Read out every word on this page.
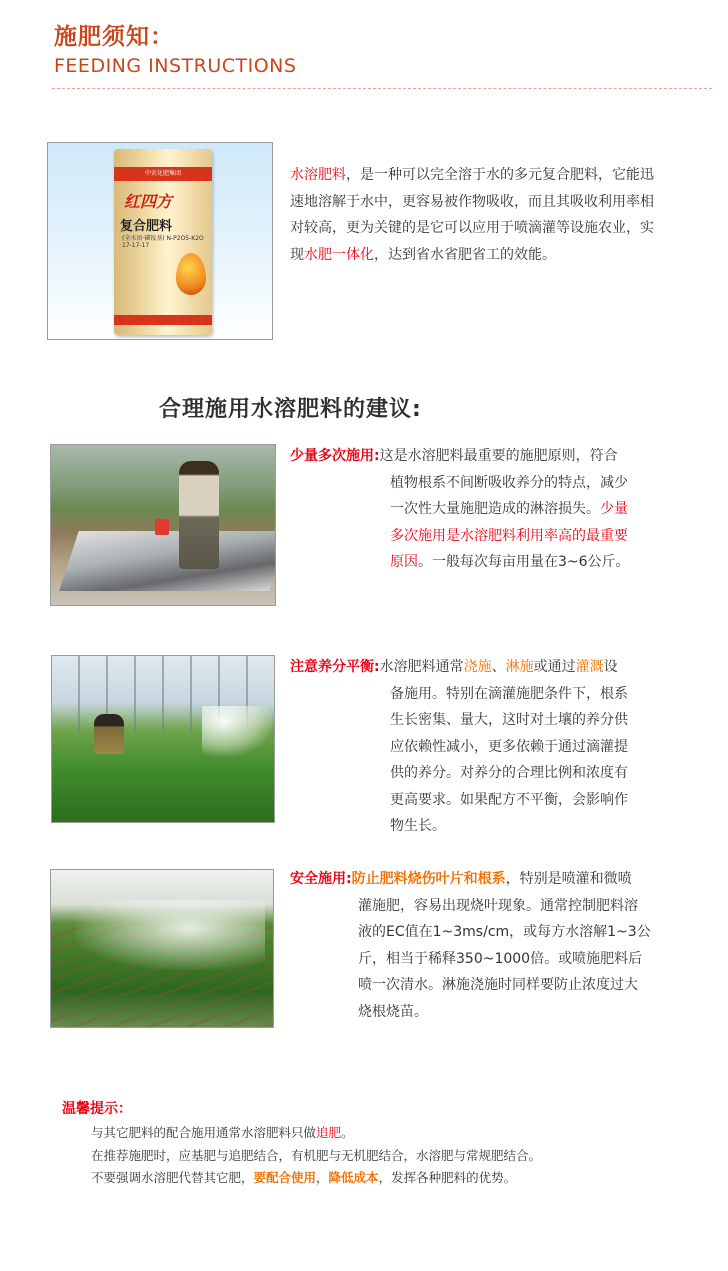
施肥须知：
FEEDING INSTRUCTIONS
中农化肥集团
红四方
复合肥料
(全水溶·磷铵基) N-P2O5-K2O 17-17-17
水溶肥料，是一种可以完全溶于水的多元复合肥料，它能迅速地溶解于水中，更容易被作物吸收，而且其吸收利用率相对较高，更为关键的是它可以应用于喷滴灌等设施农业，实现水肥一体化，达到省水省肥省工的效能。
合理施用水溶肥料的建议:
少量多次施用:这是水溶肥料最重要的施肥原则，符合
植物根系不间断吸收养分的特点，减少
一次性大量施肥造成的淋溶损失。少量
多次施用是水溶肥料利用率高的最重要
原因。一般每次每亩用量在3~6公斤。
注意养分平衡:水溶肥料通常浇施、淋施或通过灌溉设
备施用。特别在滴灌施肥条件下，根系
生长密集、量大，这时对土壤的养分供
应依赖性减小，更多依赖于通过滴灌提
供的养分。对养分的合理比例和浓度有
更高要求。如果配方不平衡，会影响作
物生长。
安全施用:防止肥料烧伤叶片和根系，特别是喷灌和微喷
灌施肥，容易出现烧叶现象。通常控制肥料溶
液的EC值在1~3ms/cm，或每方水溶解1~3公
斤，相当于稀释350~1000倍。或喷施肥料后
喷一次清水。淋施浇施时同样要防止浓度过大
烧根烧苗。
温馨提示：
与其它肥料的配合施用通常水溶肥料只做追肥。
在推荐施肥时，应基肥与追肥结合，有机肥与无机肥结合，水溶肥与常规肥结合。
不要强调水溶肥代替其它肥，要配合使用，降低成本，发挥各种肥料的优势。
